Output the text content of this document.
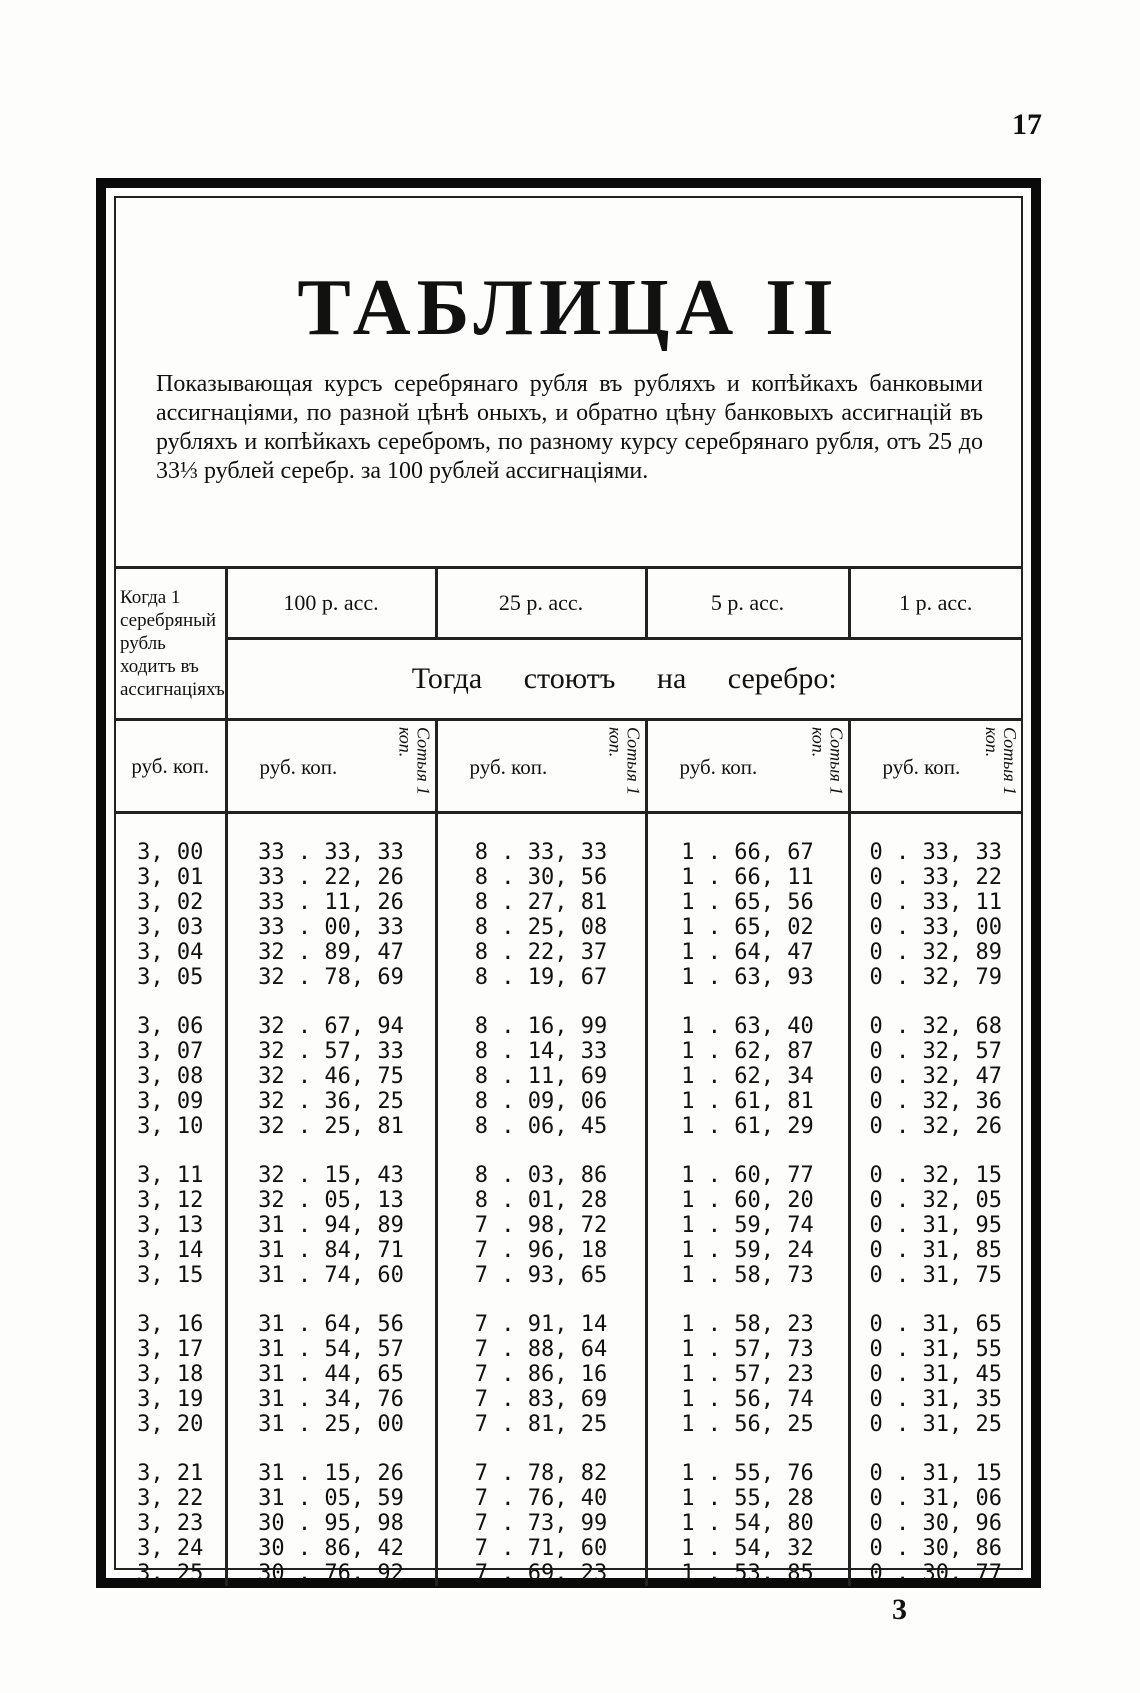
17
ТАБЛИЦА II
Показывающая курсъ серебрянаго рубля въ рубляхъ и копѣйкахъ банковыми ассигнаціями, по разной цѣнѣ оныхъ, и обратно цѣну банковыхъ ассигнацій въ рубляхъ и копѣйкахъ серебромъ, по разному курсу серебрянаго рубля, отъ 25 до 33⅓ рублей серебр. за 100 рублей ассигнаціями.
Когда 1 серебряный рубль ходитъ въ ассигнаціяхъ	100 р. асс.	25 р. асс.	5 р. асс.	1 р. асс.
	Тогда стоютъ на серебро:			
руб. коп.	руб. коп. Сотыя 1 коп.	руб. коп. Сотыя 1 коп.	руб. коп. Сотыя 1 коп.	руб. коп. Сотыя 1 коп.

3, 00	33 . 33, 33	8 . 33, 33	1 . 66, 67	0 . 33, 33
3, 01	33 . 22, 26	8 . 30, 56	1 . 66, 11	0 . 33, 22
3, 02	33 . 11, 26	8 . 27, 81	1 . 65, 56	0 . 33, 11
3, 03	33 . 00, 33	8 . 25, 08	1 . 65, 02	0 . 33, 00
3, 04	32 . 89, 47	8 . 22, 37	1 . 64, 47	0 . 32, 89
3, 05	32 . 78, 69	8 . 19, 67	1 . 63, 93	0 . 32, 79

3, 06	32 . 67, 94	8 . 16, 99	1 . 63, 40	0 . 32, 68
3, 07	32 . 57, 33	8 . 14, 33	1 . 62, 87	0 . 32, 57
3, 08	32 . 46, 75	8 . 11, 69	1 . 62, 34	0 . 32, 47
3, 09	32 . 36, 25	8 . 09, 06	1 . 61, 81	0 . 32, 36
3, 10	32 . 25, 81	8 . 06, 45	1 . 61, 29	0 . 32, 26

3, 11	32 . 15, 43	8 . 03, 86	1 . 60, 77	0 . 32, 15
3, 12	32 . 05, 13	8 . 01, 28	1 . 60, 20	0 . 32, 05
3, 13	31 . 94, 89	7 . 98, 72	1 . 59, 74	0 . 31, 95
3, 14	31 . 84, 71	7 . 96, 18	1 . 59, 24	0 . 31, 85
3, 15	31 . 74, 60	7 . 93, 65	1 . 58, 73	0 . 31, 75

3, 16	31 . 64, 56	7 . 91, 14	1 . 58, 23	0 . 31, 65
3, 17	31 . 54, 57	7 . 88, 64	1 . 57, 73	0 . 31, 55
3, 18	31 . 44, 65	7 . 86, 16	1 . 57, 23	0 . 31, 45
3, 19	31 . 34, 76	7 . 83, 69	1 . 56, 74	0 . 31, 35
3, 20	31 . 25, 00	7 . 81, 25	1 . 56, 25	0 . 31, 25

3, 21	31 . 15, 26	7 . 78, 82	1 . 55, 76	0 . 31, 15
3, 22	31 . 05, 59	7 . 76, 40	1 . 55, 28	0 . 31, 06
3, 23	30 . 95, 98	7 . 73, 99	1 . 54, 80	0 . 30, 96
3, 24	30 . 86, 42	7 . 71, 60	1 . 54, 32	0 . 30, 86
3, 25	30 . 76, 92	7 . 69, 23	1 . 53, 85	0 . 30, 77
3
